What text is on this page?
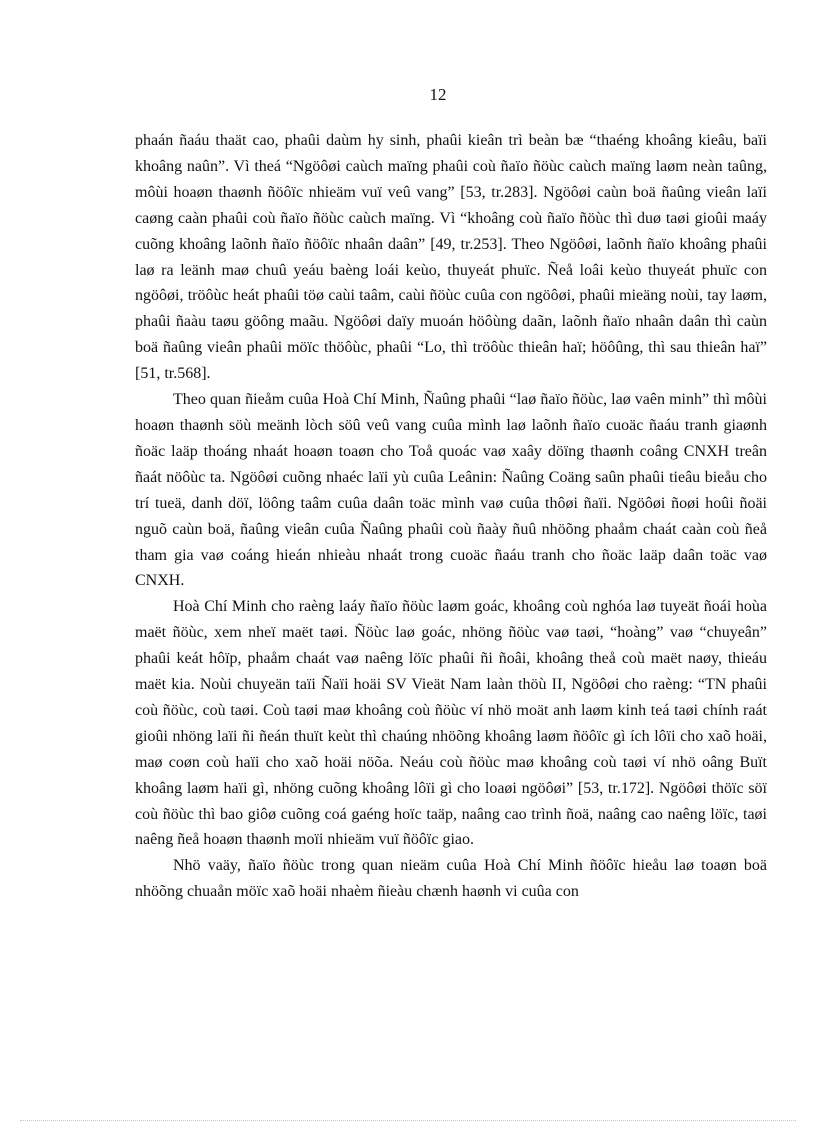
12

phaán ñaáu thaät cao, phaûi daùm hy sinh, phaûi kieân trì beàn bæ “thaéng khoâng kieâu, baïi khoâng naûn”. Vì theá “Ngöôøi caùch maïng phaûi coù ñaïo ñöùc caùch maïng laøm neàn taûng, môùi hoaøn thaønh ñöôïc nhieäm vuï veû vang” [53, tr.283]. Ngöôøi caùn boä ñaûng vieân laïi caøng caàn phaûi coù ñaïo ñöùc caùch maïng. Vì “khoâng coù ñaïo ñöùc thì duø taøi gioûi maáy cuõng khoâng laõnh ñaïo ñöôïc nhaân daân” [49, tr.253]. Theo Ngöôøi, laõnh ñaïo khoâng phaûi laø ra leänh maø chuû yeáu baèng loái keùo, thuyeát phuïc. Ñeå loâi keùo thuyeát phuïc con ngöôøi, tröôùc heát phaûi töø caùi taâm, caùi ñöùc cuûa con ngöôøi, phaûi mieäng noùi, tay laøm, phaûi ñaàu taøu göông maãu. Ngöôøi daïy muoán höôùng daãn, laõnh ñaïo nhaân daân thì caùn boä ñaûng vieân phaûi möïc thöôùc, phaûi “Lo, thì tröôùc thieân haï; höôûng, thì sau thieân haï” [51, tr.568].

Theo quan ñieåm cuûa Hoà Chí Minh, Ñaûng phaûi “laø ñaïo ñöùc, laø vaên minh” thì môùi hoaøn thaønh söù meänh lòch söû veû vang cuûa mình laø laõnh ñaïo cuoäc ñaáu tranh giaønh ñoäc laäp thoáng nhaát hoaøn toaøn cho Toå quoác vaø xaây döïng thaønh coâng CNXH treân ñaát nöôùc ta. Ngöôøi cuõng nhaéc laïi yù cuûa Leânin: Ñaûng Coäng saûn phaûi tieâu bieåu cho trí tueä, danh döï, löông taâm cuûa daân toäc mình vaø cuûa thôøi ñaïi. Ngöôøi ñoøi hoûi ñoäi nguõ caùn boä, ñaûng vieân cuûa Ñaûng phaûi coù ñaày ñuû nhöõng phaåm chaát caàn coù ñeå tham gia vaø coáng hieán nhieàu nhaát trong cuoäc ñaáu tranh cho ñoäc laäp daân toäc vaø CNXH.

Hoà Chí Minh cho raèng laáy ñaïo ñöùc laøm goác, khoâng coù nghóa laø tuyeät ñoái hoùa maët ñöùc, xem nheï maët taøi. Ñöùc laø goác, nhöng ñöùc vaø taøi, “hoàng” vaø “chuyeân” phaûi keát hôïp, phaåm chaát vaø naêng löïc phaûi ñi ñoâi, khoâng theå coù maët naøy, thieáu maët kia. Noùi chuyeän taïi Ñaïi hoäi SV Vieät Nam laàn thöù II, Ngöôøi cho raèng: “TN phaûi coù ñöùc, coù taøi. Coù taøi maø khoâng coù ñöùc ví nhö moät anh laøm kinh teá taøi chính raát gioûi nhöng laïi ñi ñeán thuït keùt thì chaúng nhöõng khoâng laøm ñöôïc gì ích lôïi cho xaõ hoäi, maø coøn coù haïi cho xaõ hoäi nöõa. Neáu coù ñöùc maø khoâng coù taøi ví nhö oâng Buït khoâng laøm haïi gì, nhöng cuõng khoâng lôïi gì cho loaøi ngöôøi” [53, tr.172]. Ngöôøi thöïc söï coù ñöùc thì bao giôø cuõng coá gaéng hoïc taäp, naâng cao trình ñoä, naâng cao naêng löïc, taøi naêng ñeå hoaøn thaønh moïi nhieäm vuï ñöôïc giao.

Nhö vaäy, ñaïo ñöùc trong quan nieäm cuûa Hoà Chí Minh ñöôïc hieåu laø toaøn boä nhöõng chuaån möïc xaõ hoäi nhaèm ñieàu chænh haønh vi cuûa con
